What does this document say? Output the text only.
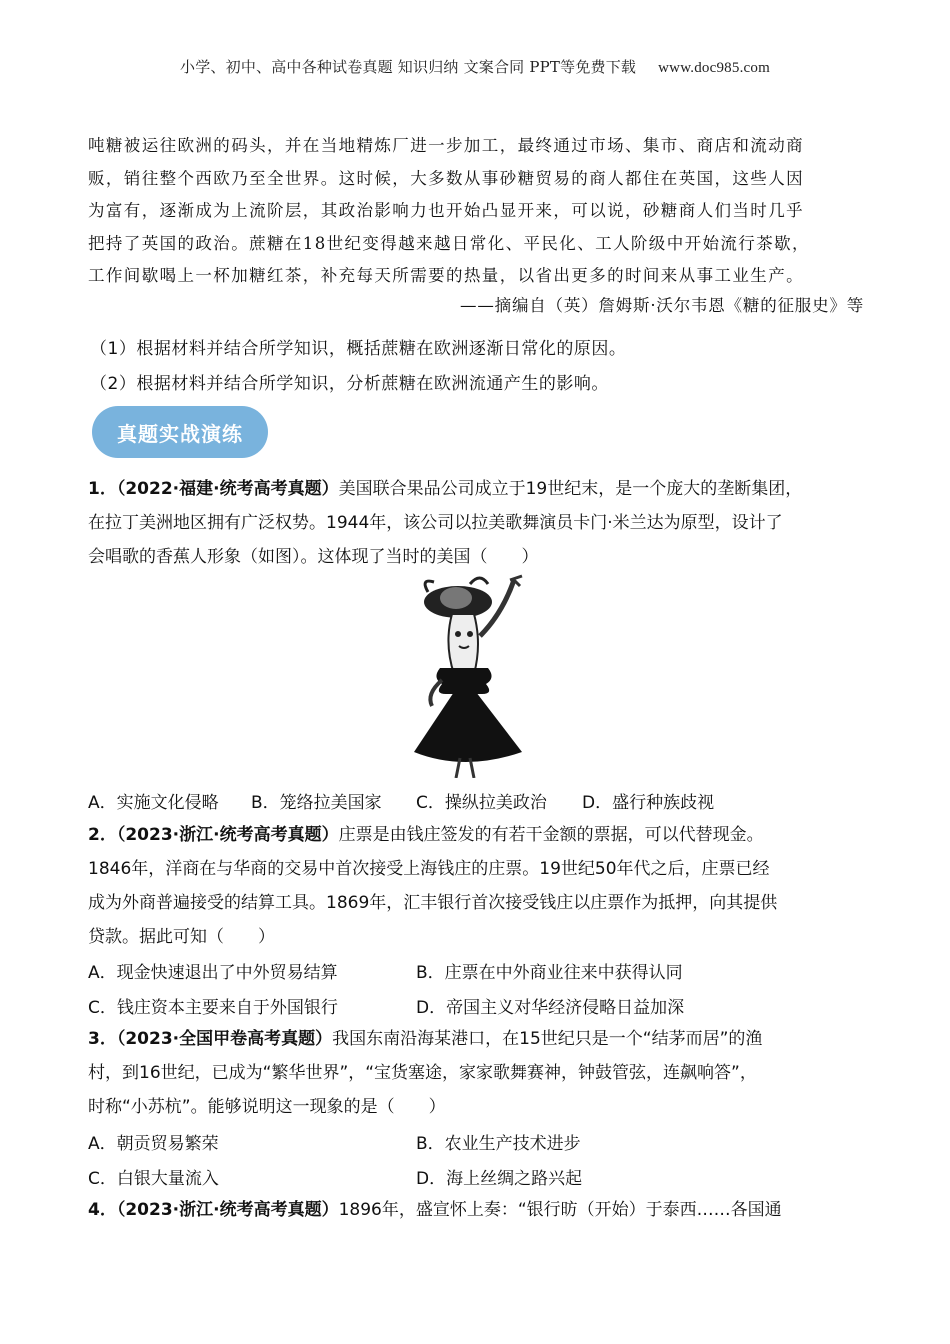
小学、初中、高中各种试卷真题 知识归纳 文案合同 PPT等免费下载 www.doc985.com

吨糖被运往欧洲的码头，并在当地精炼厂进一步加工，最终通过市场、集市、商店和流动商

贩，销往整个西欧乃至全世界。这时候，大多数从事砂糖贸易的商人都住在英国，这些人因

为富有，逐渐成为上流阶层，其政治影响力也开始凸显开来，可以说，砂糖商人们当时几乎

把持了英国的政治。蔗糖在18世纪变得越来越日常化、平民化、工人阶级中开始流行茶歇，

工作间歇喝上一杯加糖红茶，补充每天所需要的热量，以省出更多的时间来从事工业生产。

——摘编自（英）詹姆斯·沃尔韦恩《糖的征服史》等
（1）根据材料并结合所学知识，概括蔗糖在欧洲逐渐日常化的原因。
（2）根据材料并结合所学知识，分析蔗糖在欧洲流通产生的影响。
真题实战演练

1．（2022·福建·统考高考真题）美国联合果品公司成立于19世纪末，是一个庞大的垄断集团，

在拉丁美洲地区拥有广泛权势。1944年，该公司以拉美歌舞演员卡门·米兰达为原型，设计了

会唱歌的香蕉人形象（如图）。这体现了当时的美国（　　）

A．实施文化侵略 B．笼络拉美国家 C．操纵拉美政治 D．盛行种族歧视

2．（2023·浙江·统考高考真题）庄票是由钱庄签发的有若干金额的票据，可以代替现金。

1846年，洋商在与华商的交易中首次接受上海钱庄的庄票。19世纪50年代之后，庄票已经

成为外商普遍接受的结算工具。1869年，汇丰银行首次接受钱庄以庄票作为抵押，向其提供

贷款。据此可知（　　）

A．现金快速退出了中外贸易结算	B．庄票在中外商业往来中获得认同
C．钱庄资本主要来自于外国银行	D．帝国主义对华经济侵略日益加深

3．（2023·全国甲卷高考真题）我国东南沿海某港口，在15世纪只是一个“结茅而居”的渔

村，到16世纪，已成为“繁华世界”，“宝货塞途，家家歌舞赛神，钟鼓管弦，连飙响答”，

时称“小苏杭”。能够说明这一现象的是（　　）

A．朝贡贸易繁荣	B．农业生产技术进步
C．白银大量流入	D．海上丝绸之路兴起

4．（2023·浙江·统考高考真题）1896年，盛宣怀上奏：“银行昉（开始）于泰西……各国通
